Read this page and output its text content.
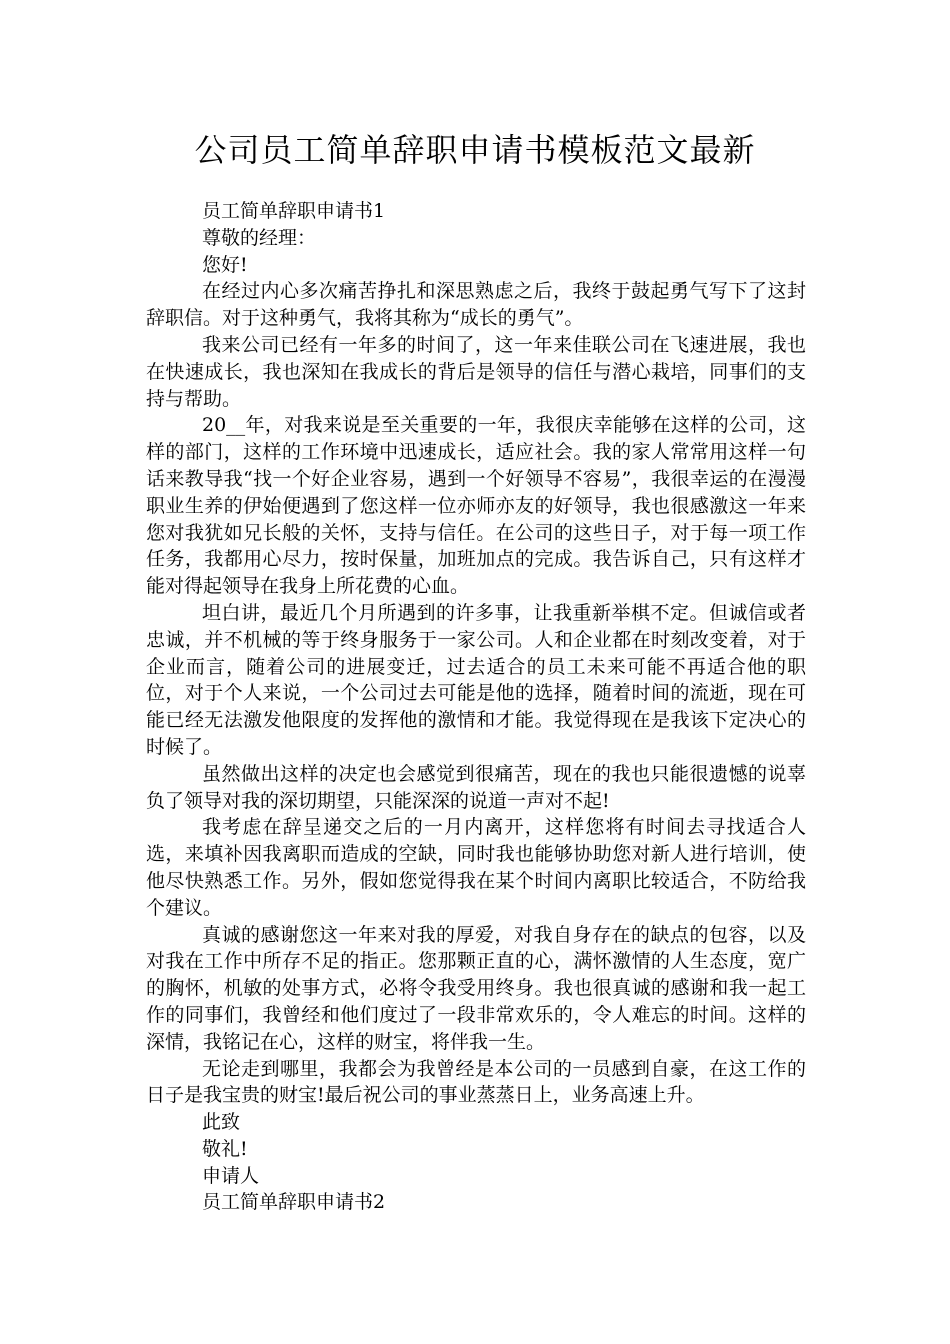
公司员工简单辞职申请书模板范文最新

员工简单辞职申请书1

尊敬的经理：

您好!

在经过内心多次痛苦挣扎和深思熟虑之后，我终于鼓起勇气写下了这封辞职信。对于这种勇气，我将其称为“成长的勇气”。

我来公司已经有一年多的时间了，这一年来佳联公司在飞速进展，我也在快速成长，我也深知在我成长的背后是领导的信任与潜心栽培，同事们的支持与帮助。

20__年，对我来说是至关重要的一年，我很庆幸能够在这样的公司，这样的部门，这样的工作环境中迅速成长，适应社会。我的家人常常用这样一句话来教导我“找一个好企业容易，遇到一个好领导不容易”，我很幸运的在漫漫职业生养的伊始便遇到了您这样一位亦师亦友的好领导，我也很感激这一年来您对我犹如兄长般的关怀，支持与信任。在公司的这些日子，对于每一项工作任务，我都用心尽力，按时保量，加班加点的完成。我告诉自己，只有这样才能对得起领导在我身上所花费的心血。

坦白讲，最近几个月所遇到的许多事，让我重新举棋不定。但诚信或者忠诚，并不机械的等于终身服务于一家公司。人和企业都在时刻改变着，对于企业而言，随着公司的进展变迁，过去适合的员工未来可能不再适合他的职位，对于个人来说，一个公司过去可能是他的选择，随着时间的流逝，现在可能已经无法激发他限度的发挥他的激情和才能。我觉得现在是我该下定决心的时候了。

虽然做出这样的决定也会感觉到很痛苦，现在的我也只能很遗憾的说辜负了领导对我的深切期望，只能深深的说道一声对不起!

我考虑在辞呈递交之后的一月内离开，这样您将有时间去寻找适合人选，来填补因我离职而造成的空缺，同时我也能够协助您对新人进行培训，使他尽快熟悉工作。另外，假如您觉得我在某个时间内离职比较适合，不防给我个建议。

真诚的感谢您这一年来对我的厚爱，对我自身存在的缺点的包容，以及对我在工作中所存不足的指正。您那颗正直的心，满怀激情的人生态度，宽广的胸怀，机敏的处事方式，必将令我受用终身。我也很真诚的感谢和我一起工作的同事们，我曾经和他们度过了一段非常欢乐的，令人难忘的时间。这样的深情，我铭记在心，这样的财宝，将伴我一生。

无论走到哪里，我都会为我曾经是本公司的一员感到自豪，在这工作的日子是我宝贵的财宝!最后祝公司的事业蒸蒸日上，业务高速上升。

此致

敬礼!

申请人

员工简单辞职申请书2
